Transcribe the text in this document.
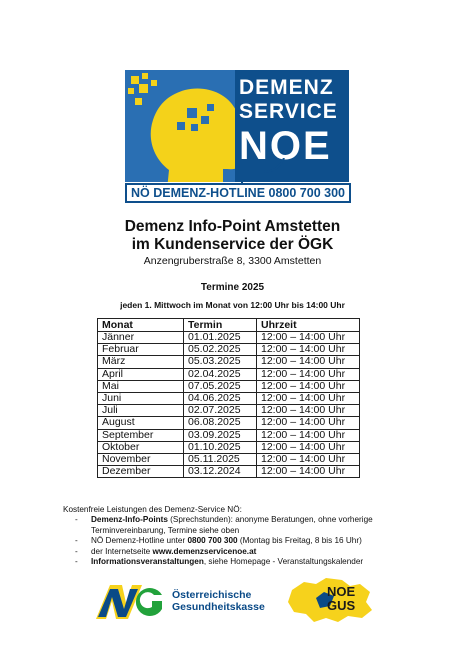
DEMENZ
SERVICE
NOE
NÖ DEMENZ-HOTLINE 0800 700 300
Demenz Info-Point Amstetten
im Kundenservice der ÖGK
Anzengruberstraße 8, 3300 Amstetten
Termine 2025
jeden 1. Mittwoch im Monat von 12:00 Uhr bis 14:00 Uhr
Monat	Termin	Uhrzeit
Jänner	01.01.2025	12:00 – 14:00 Uhr
Februar	05.02.2025	12:00 – 14:00 Uhr
März	05.03.2025	12:00 – 14:00 Uhr
April	02.04.2025	12:00 – 14:00 Uhr
Mai	07.05.2025	12:00 – 14:00 Uhr
Juni	04.06.2025	12:00 – 14:00 Uhr
Juli	02.07.2025	12:00 – 14:00 Uhr
August	06.08.2025	12:00 – 14:00 Uhr
September	03.09.2025	12:00 – 14:00 Uhr
Oktober	01.10.2025	12:00 – 14:00 Uhr
November	05.11.2025	12:00 – 14:00 Uhr
Dezember	03.12.2024	12:00 – 14:00 Uhr
Kostenfreie Leistungen des Demenz-Service NÖ:
- Demenz-Info-Points (Sprechstunden): anonyme Beratungen, ohne vorherige Terminvereinbarung, Termine siehe oben
- NÖ Demenz-Hotline unter 0800 700 300 (Montag bis Freitag, 8 bis 16 Uhr)
- der Internetseite www.demenzservicenoe.at
- Informationsveranstaltungen, siehe Homepage - Veranstaltungskalender
Österreichische
Gesundheitskasse
NOE
GUS
